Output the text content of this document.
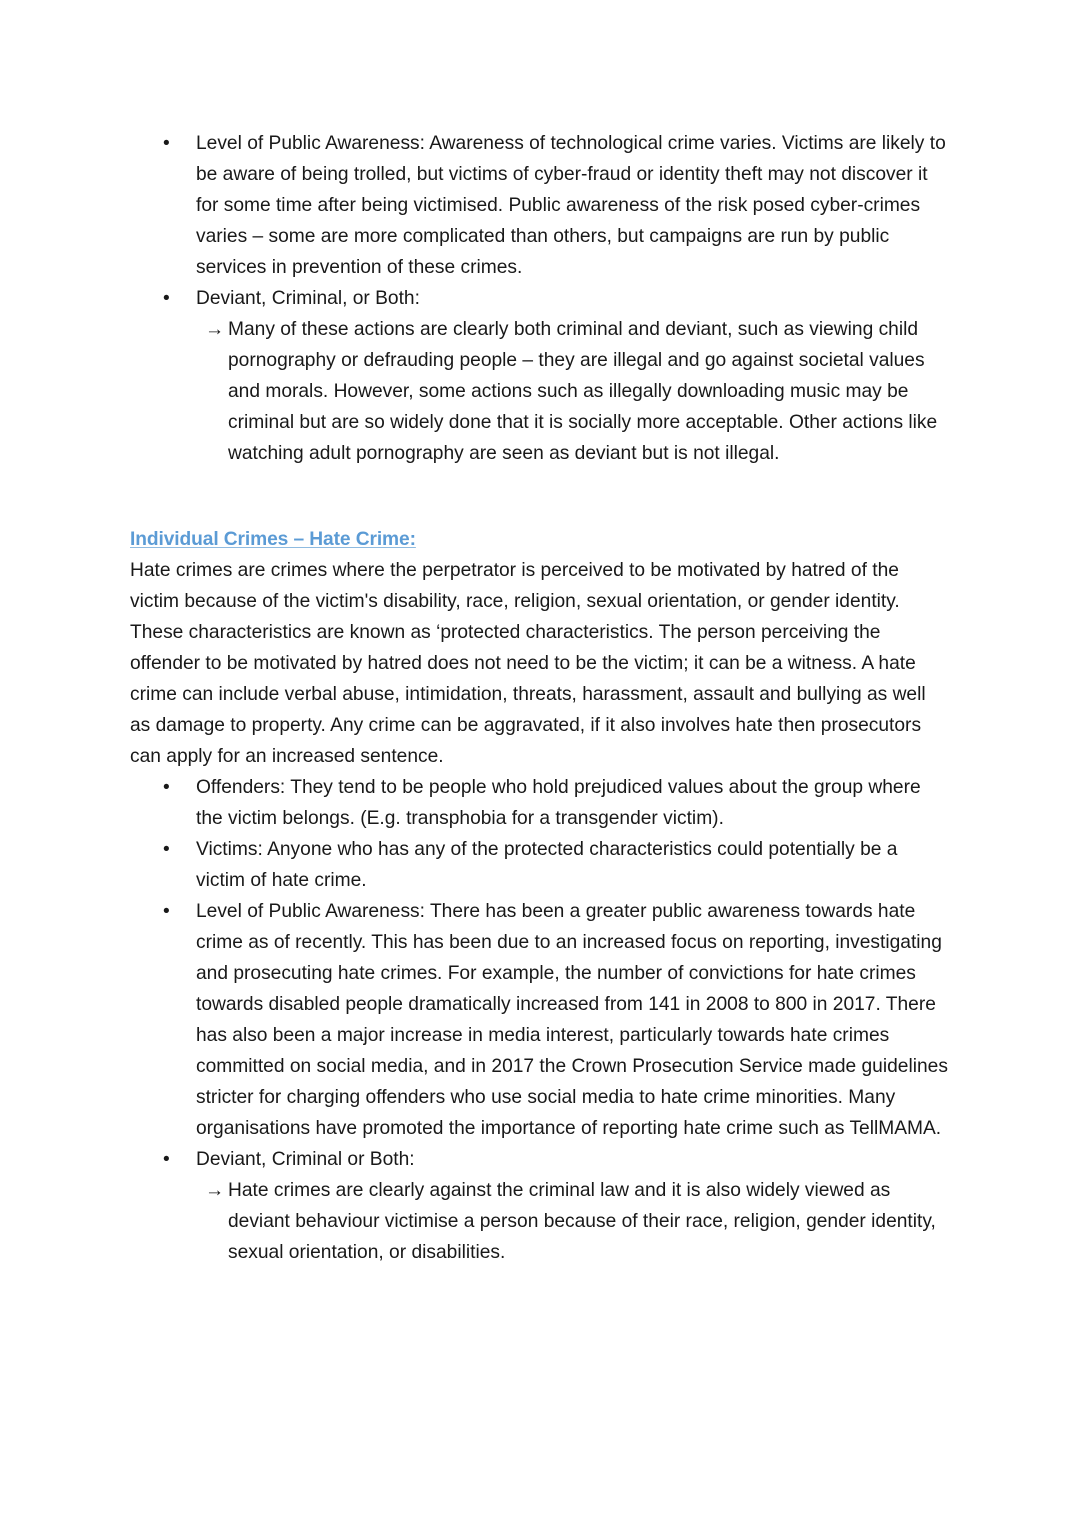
•	Level of Public Awareness: Awareness of technological crime varies. Victims are likely to be aware of being trolled, but victims of cyber-fraud or identity theft may not discover it for some time after being victimised. Public awareness of the risk posed cyber-crimes varies – some are more complicated than others, but campaigns are run by public services in prevention of these crimes.
•	Deviant, Criminal, or Both:
→ Many of these actions are clearly both criminal and deviant, such as viewing child pornography or defrauding people – they are illegal and go against societal values and morals. However, some actions such as illegally downloading music may be criminal but are so widely done that it is socially more acceptable. Other actions like watching adult pornography are seen as deviant but is not illegal.

Individual Crimes – Hate Crime:

Hate crimes are crimes where the perpetrator is perceived to be motivated by hatred of the victim because of the victim's disability, race, religion, sexual orientation, or gender identity. These characteristics are known as ‘protected characteristics. The person perceiving the offender to be motivated by hatred does not need to be the victim; it can be a witness. A hate crime can include verbal abuse, intimidation, threats, harassment, assault and bullying as well as damage to property. Any crime can be aggravated, if it also involves hate then prosecutors can apply for an increased sentence.

•	Offenders: They tend to be people who hold prejudiced values about the group where the victim belongs. (E.g. transphobia for a transgender victim).
•	Victims: Anyone who has any of the protected characteristics could potentially be a victim of hate crime.
•	Level of Public Awareness: There has been a greater public awareness towards hate crime as of recently. This has been due to an increased focus on reporting, investigating and prosecuting hate crimes. For example, the number of convictions for hate crimes towards disabled people dramatically increased from 141 in 2008 to 800 in 2017. There has also been a major increase in media interest, particularly towards hate crimes committed on social media, and in 2017 the Crown Prosecution Service made guidelines stricter for charging offenders who use social media to hate crime minorities. Many organisations have promoted the importance of reporting hate crime such as TellMAMA.
•	Deviant, Criminal or Both:
→ Hate crimes are clearly against the criminal law and it is also widely viewed as deviant behaviour victimise a person because of their race, religion, gender identity, sexual orientation, or disabilities.
